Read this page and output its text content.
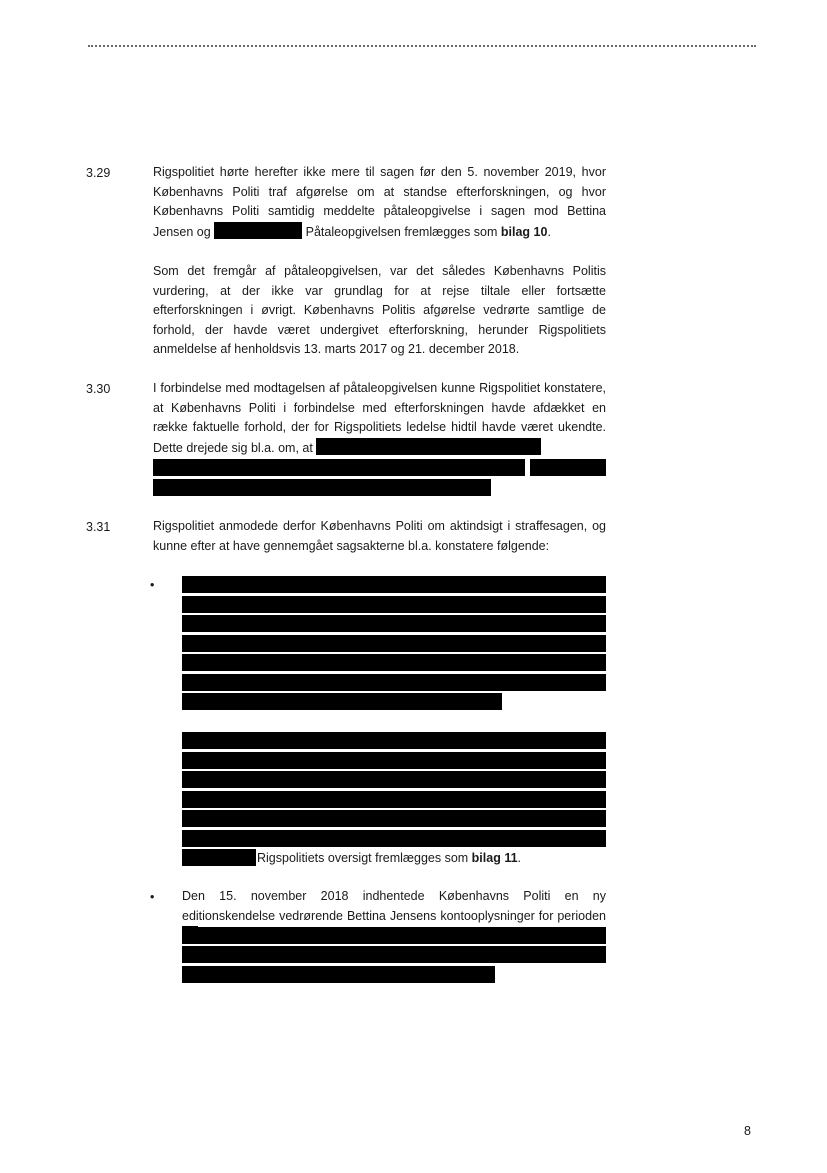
3.29	Rigspolitiet hørte herefter ikke mere til sagen før den 5. november 2019, hvor Københavns Politi traf afgørelse om at standse efterforskningen, og hvor Københavns Politi samtidig meddelte påtaleopgivelse i sagen mod Bettina Jensen og	Påtaleopgivelsen fremlægges som bilag 10.

Som det fremgår af påtaleopgivelsen, var det således Københavns Politis vurdering, at der ikke var grundlag for at rejse tiltale eller fortsætte efterforskningen i øvrigt. Københavns Politis afgørelse vedrørte samtlige de forhold, der havde været undergivet efterforskning, herunder Rigspolitiets anmeldelse af henholdsvis 13. marts 2017 og 21. december 2018.

3.30	I forbindelse med modtagelsen af påtaleopgivelsen kunne Rigspolitiet konstatere, at Københavns Politi i forbindelse med efterforskningen havde afdækket en række faktuelle forhold, der for Rigspolitiets ledelse hidtil havde været ukendte. Dette drejede sig bl.a. om, at

3.31	Rigspolitiet anmodede derfor Københavns Politi om aktindsigt i straffesagen, og kunne efter at have gennemgået sagsakterne bl.a. konstatere følgende:

•
Rigspolitiets oversigt fremlægges som bilag 11.
•	Den 15. november 2018 indhentede Københavns Politi en ny editionskendelse vedrørende Bettina Jensens kontooplysninger for perioden

8
